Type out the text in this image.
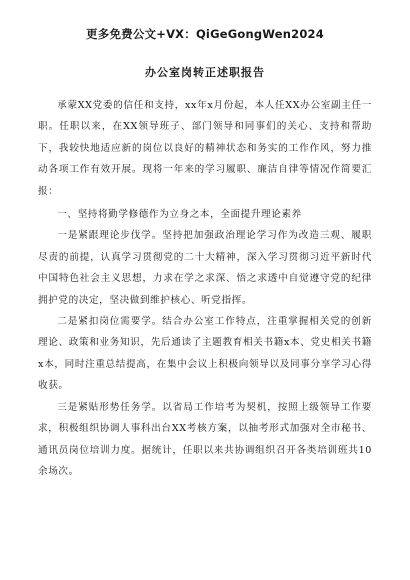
更多免费公文+VX：QiGeGongWen2024
办公室岗转正述职报告

承蒙XX党委的信任和支持，xx年x月份起，本人任XX办公室副主任一职。任职以来，在XX领导班子、部门领导和同事们的关心、支持和帮助下，我较快地适应新的岗位以良好的精神状态和务实的工作作风，努力推动各项工作有效开展。现将一年来的学习履职、廉洁自律等情况作简要汇报：

一、坚持将勤学修德作为立身之本，全面提升理论素养

一是紧跟理论步伐学。坚持把加强政治理论学习作为改造三观、履职尽责的前提，认真学习贯彻党的二十大精神，深入学习贯彻习近平新时代中国特色社会主义思想，力求在学之求深、悟之求透中自觉遵守党的纪律拥护党的决定，坚决做到维护核心、听党指挥。

二是紧扣岗位需要学。结合办公室工作特点，注重掌握相关党的创新理论、政策和业务知识，先后通读了主题教育相关书籍x本、党史相关书籍x本，同时注重总结提高，在集中会议上积极向领导以及同事分享学习心得收获。

三是紧贴形势任务学。以省局工作培考为契机，按照上级领导工作要求，积极组织协调人事科出台XX考核方案，以抽考形式加强对全市秘书、通讯员岗位培训力度。据统计，任职以来共协调组织召开各类培训班共10余场次。
